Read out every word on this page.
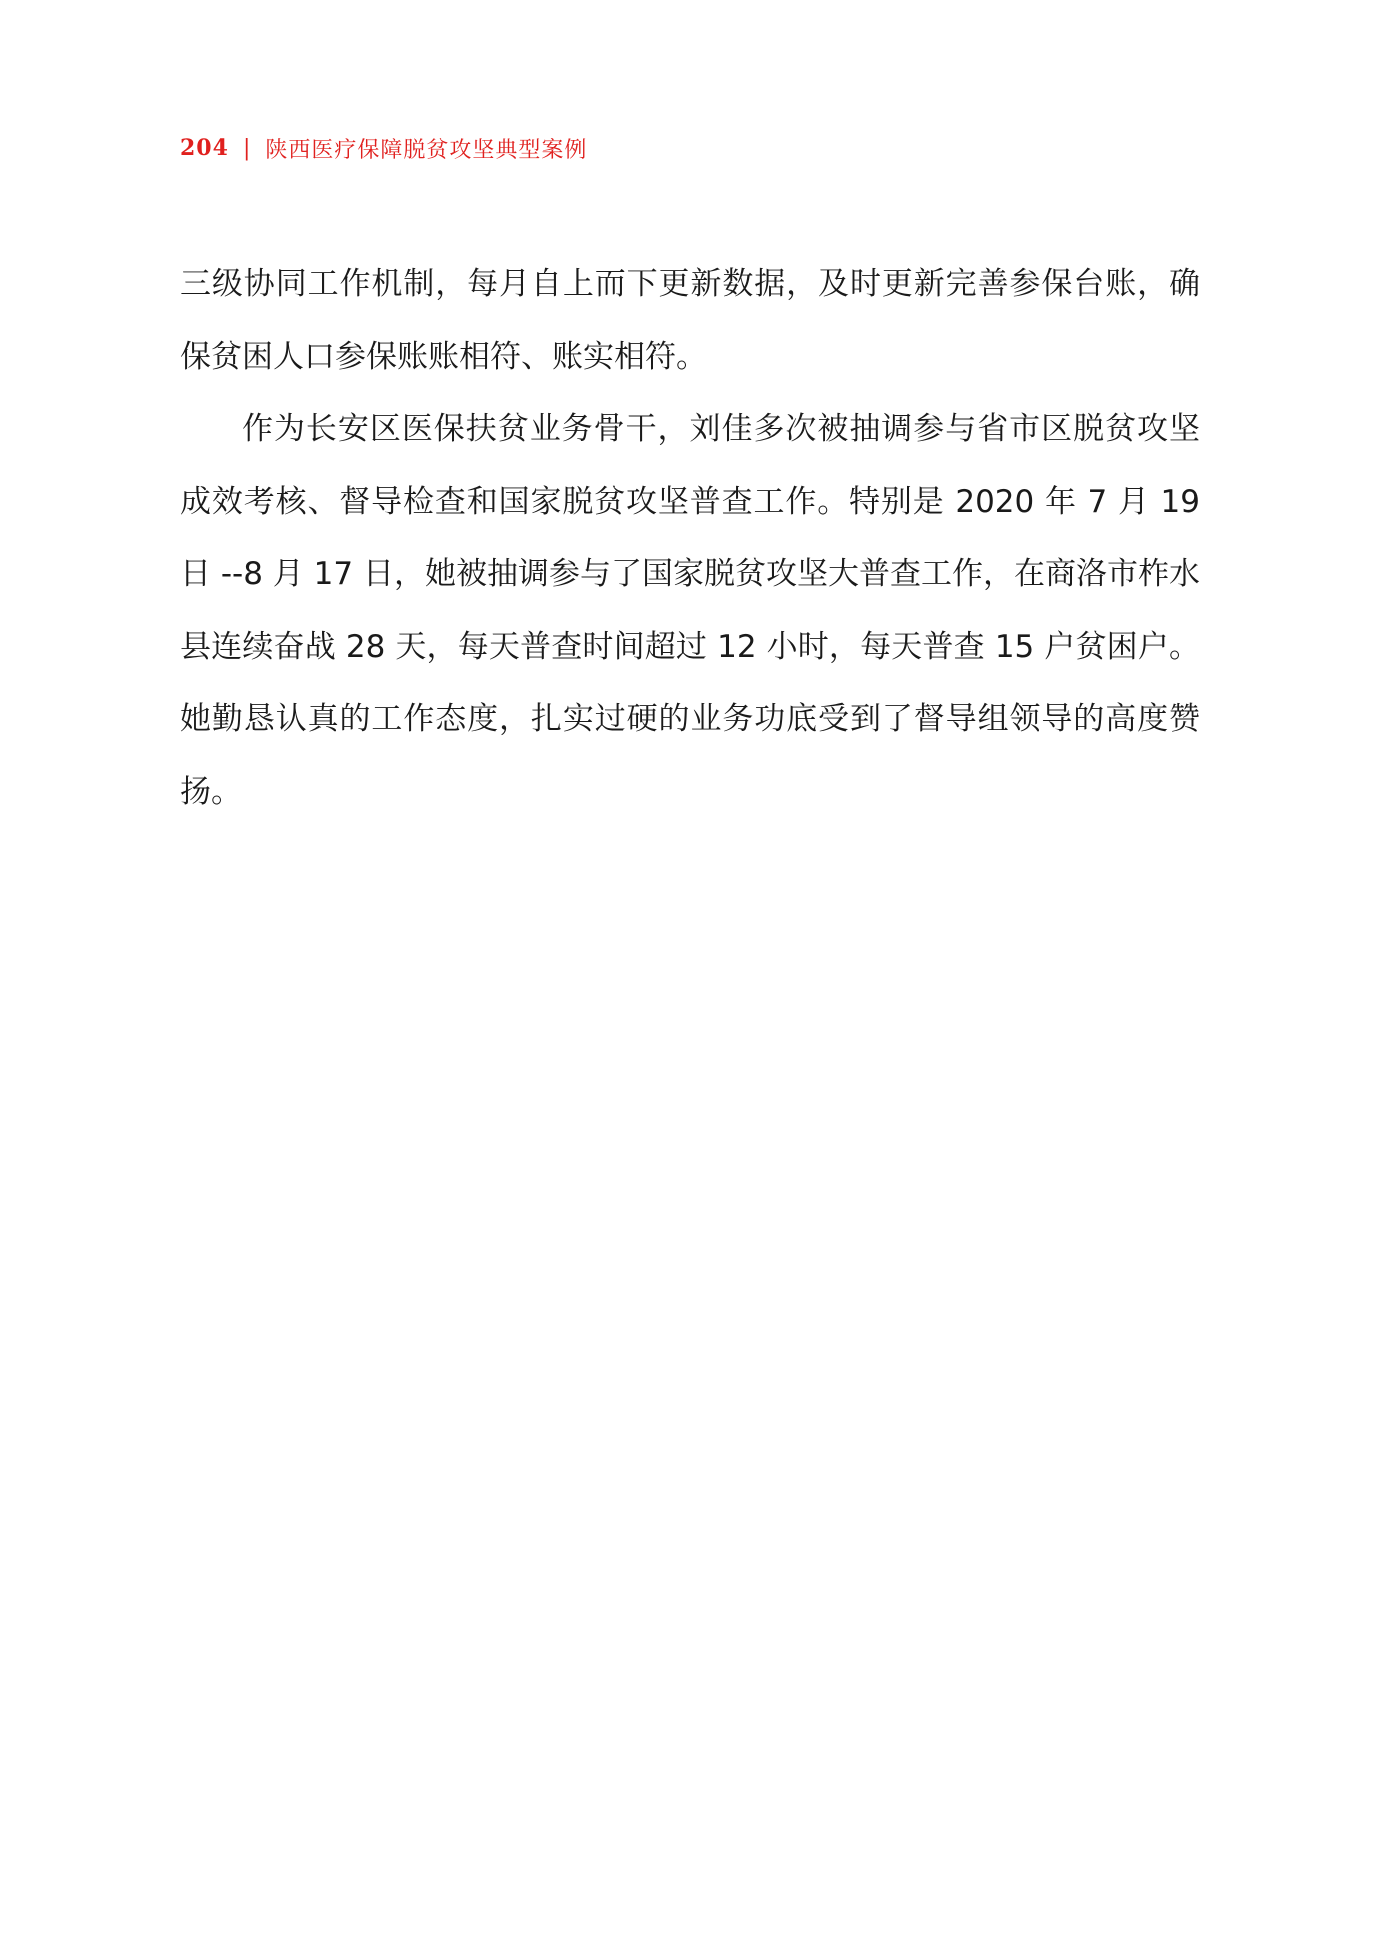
204 | 陕西医疗保障脱贫攻坚典型案例

三级协同工作机制，每月自上而下更新数据，及时更新完善参保台账，确保贫困人口参保账账相符、账实相符。

作为长安区医保扶贫业务骨干，刘佳多次被抽调参与省市区脱贫攻坚成效考核、督导检查和国家脱贫攻坚普查工作。特别是 2020 年 7 月 19 日 --8 月 17 日，她被抽调参与了国家脱贫攻坚大普查工作，在商洛市柞水县连续奋战 28 天，每天普查时间超过 12 小时，每天普查 15 户贫困户。她勤恳认真的工作态度，扎实过硬的业务功底受到了督导组领导的高度赞扬。
